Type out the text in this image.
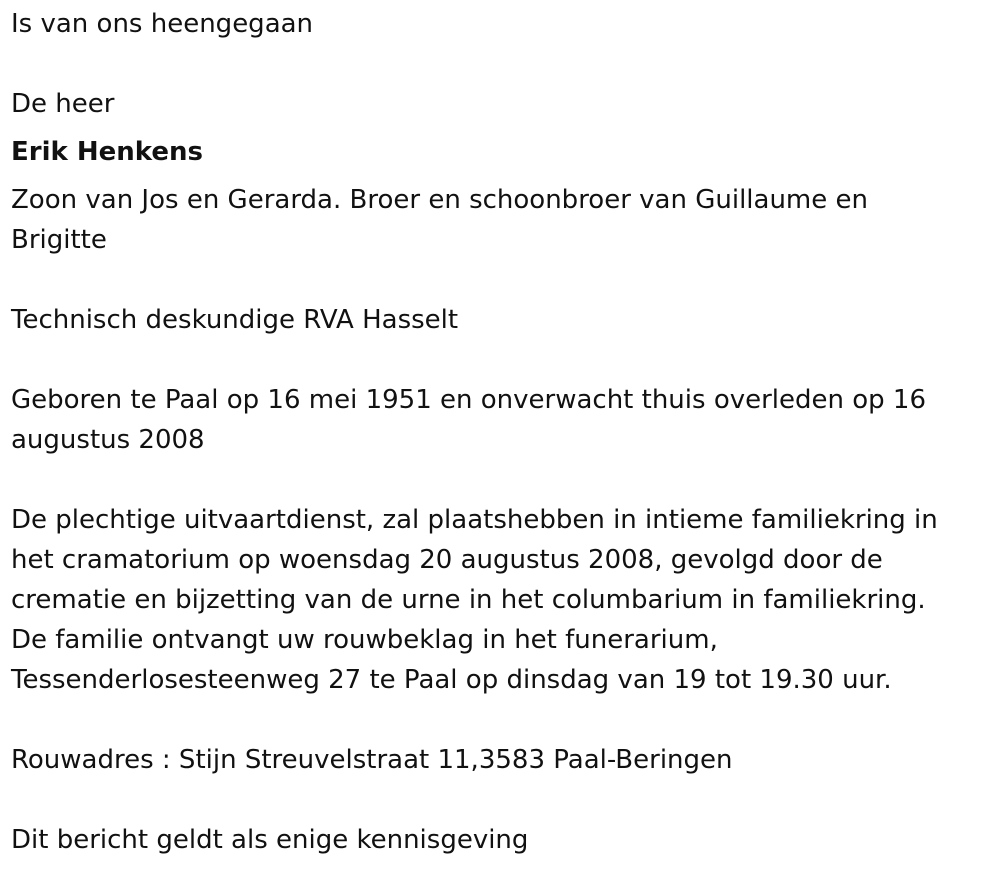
Is van ons heengegaan

De heer

Erik Henkens

Zoon van Jos en Gerarda. Broer en schoonbroer van Guillaume en Brigitte

Technisch deskundige RVA Hasselt

Geboren te Paal op 16 mei 1951 en onverwacht thuis overleden op 16 augustus 2008

De plechtige uitvaartdienst, zal plaatshebben in intieme familiekring in het cramatorium op woensdag 20 augustus 2008, gevolgd door de crematie en bijzetting van de urne in het columbarium in familiekring.

De familie ontvangt uw rouwbeklag in het funerarium, Tessenderlosesteenweg 27 te Paal op dinsdag van 19 tot 19.30 uur.

Rouwadres : Stijn Streuvelstraat 11,3583 Paal-Beringen

Dit bericht geldt als enige kennisgeving
